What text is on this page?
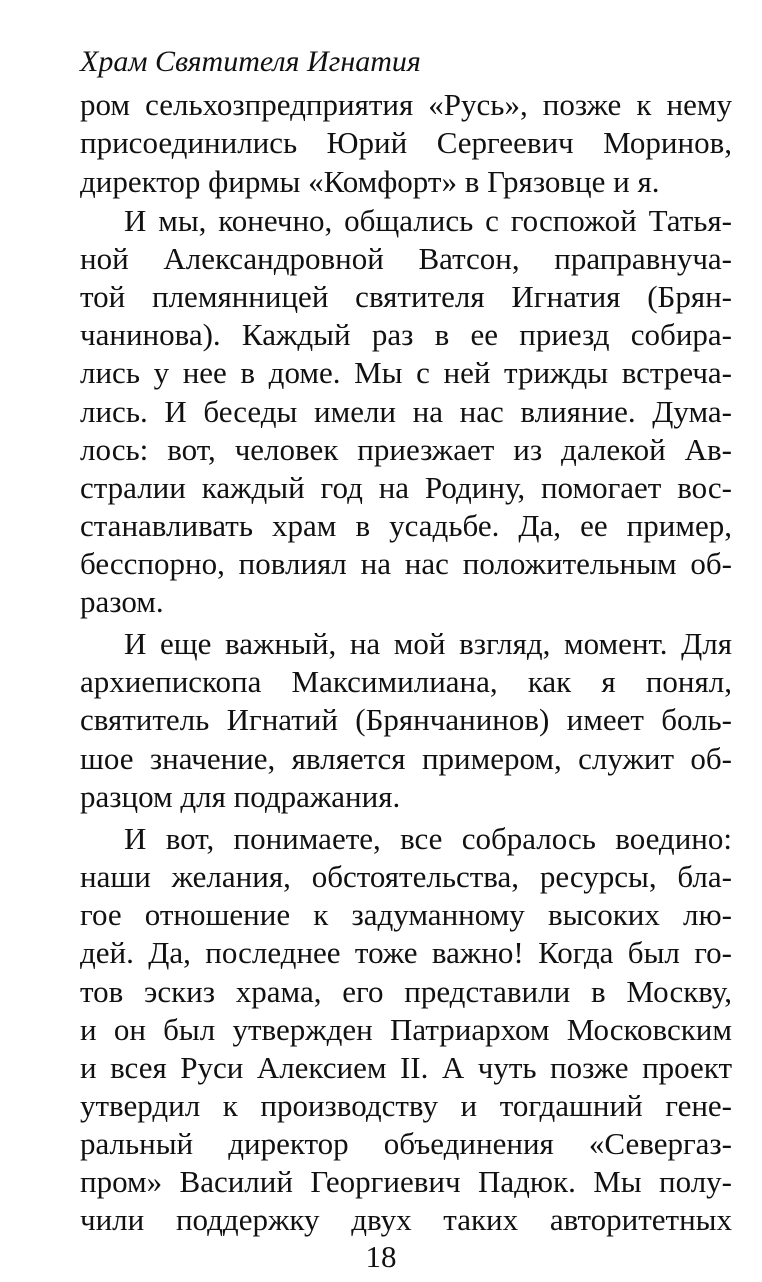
Храм Святителя Игнатия
ром сельхозпредприятия «Русь», позже к нему
присоединились Юрий Сергеевич Моринов,
директор фирмы «Комфорт» в Грязовце и я.
И мы, конечно, общались с госпожой Татья-
ной Александровной Ватсон, праправнуча-
той племянницей святителя Игнатия (Брян-
чанинова). Каждый раз в ее приезд собира-
лись у нее в доме. Мы с ней трижды встреча-
лись. И беседы имели на нас влияние. Дума-
лось: вот, человек приезжает из далекой Ав-
стралии каждый год на Родину, помогает вос-
станавливать храм в усадьбе. Да, ее пример,
бесспорно, повлиял на нас положительным об-
разом.
И еще важный, на мой взгляд, момент. Для
архиепископа Максимилиана, как я понял,
святитель Игнатий (Брянчанинов) имеет боль-
шое значение, является примером, служит об-
разцом для подражания.
И вот, понимаете, все собралось воедино:
наши желания, обстоятельства, ресурсы, бла-
гое отношение к задуманному высоких лю-
дей. Да, последнее тоже важно! Когда был го-
тов эскиз храма, его представили в Москву,
и он был утвержден Патриархом Московским
и всея Руси Алексием II. А чуть позже проект
утвердил к производству и тогдашний гене-
ральный директор объединения «Севергаз-
пром» Василий Георгиевич Падюк. Мы полу-
чили поддержку двух таких авторитетных
18
